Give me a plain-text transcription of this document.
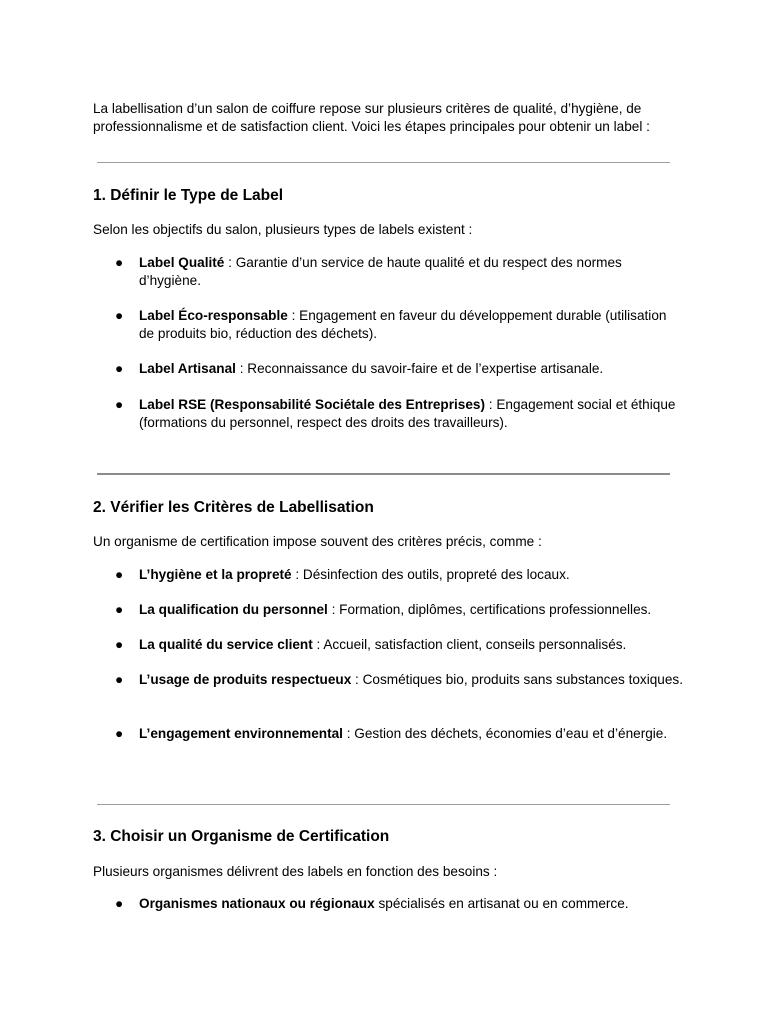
La labellisation d’un salon de coiffure repose sur plusieurs critères de qualité, d’hygiène, de professionnalisme et de satisfaction client. Voici les étapes principales pour obtenir un label :

1. Définir le Type de Label

Selon les objectifs du salon, plusieurs types de labels existent :

● Label Qualité : Garantie d’un service de haute qualité et du respect des normes d’hygiène.
● Label Éco-responsable : Engagement en faveur du développement durable (utilisation de produits bio, réduction des déchets).
● Label Artisanal : Reconnaissance du savoir-faire et de l’expertise artisanale.
● Label RSE (Responsabilité Sociétale des Entreprises) : Engagement social et éthique (formations du personnel, respect des droits des travailleurs).
2. Vérifier les Critères de Labellisation

Un organisme de certification impose souvent des critères précis, comme :

● L’hygiène et la propreté : Désinfection des outils, propreté des locaux.
● La qualification du personnel : Formation, diplômes, certifications professionnelles.
● La qualité du service client : Accueil, satisfaction client, conseils personnalisés.
● L’usage de produits respectueux : Cosmétiques bio, produits sans substances toxiques.
● L’engagement environnemental : Gestion des déchets, économies d’eau et d’énergie.
3. Choisir un Organisme de Certification

Plusieurs organismes délivrent des labels en fonction des besoins :

● Organismes nationaux ou régionaux spécialisés en artisanat ou en commerce.
